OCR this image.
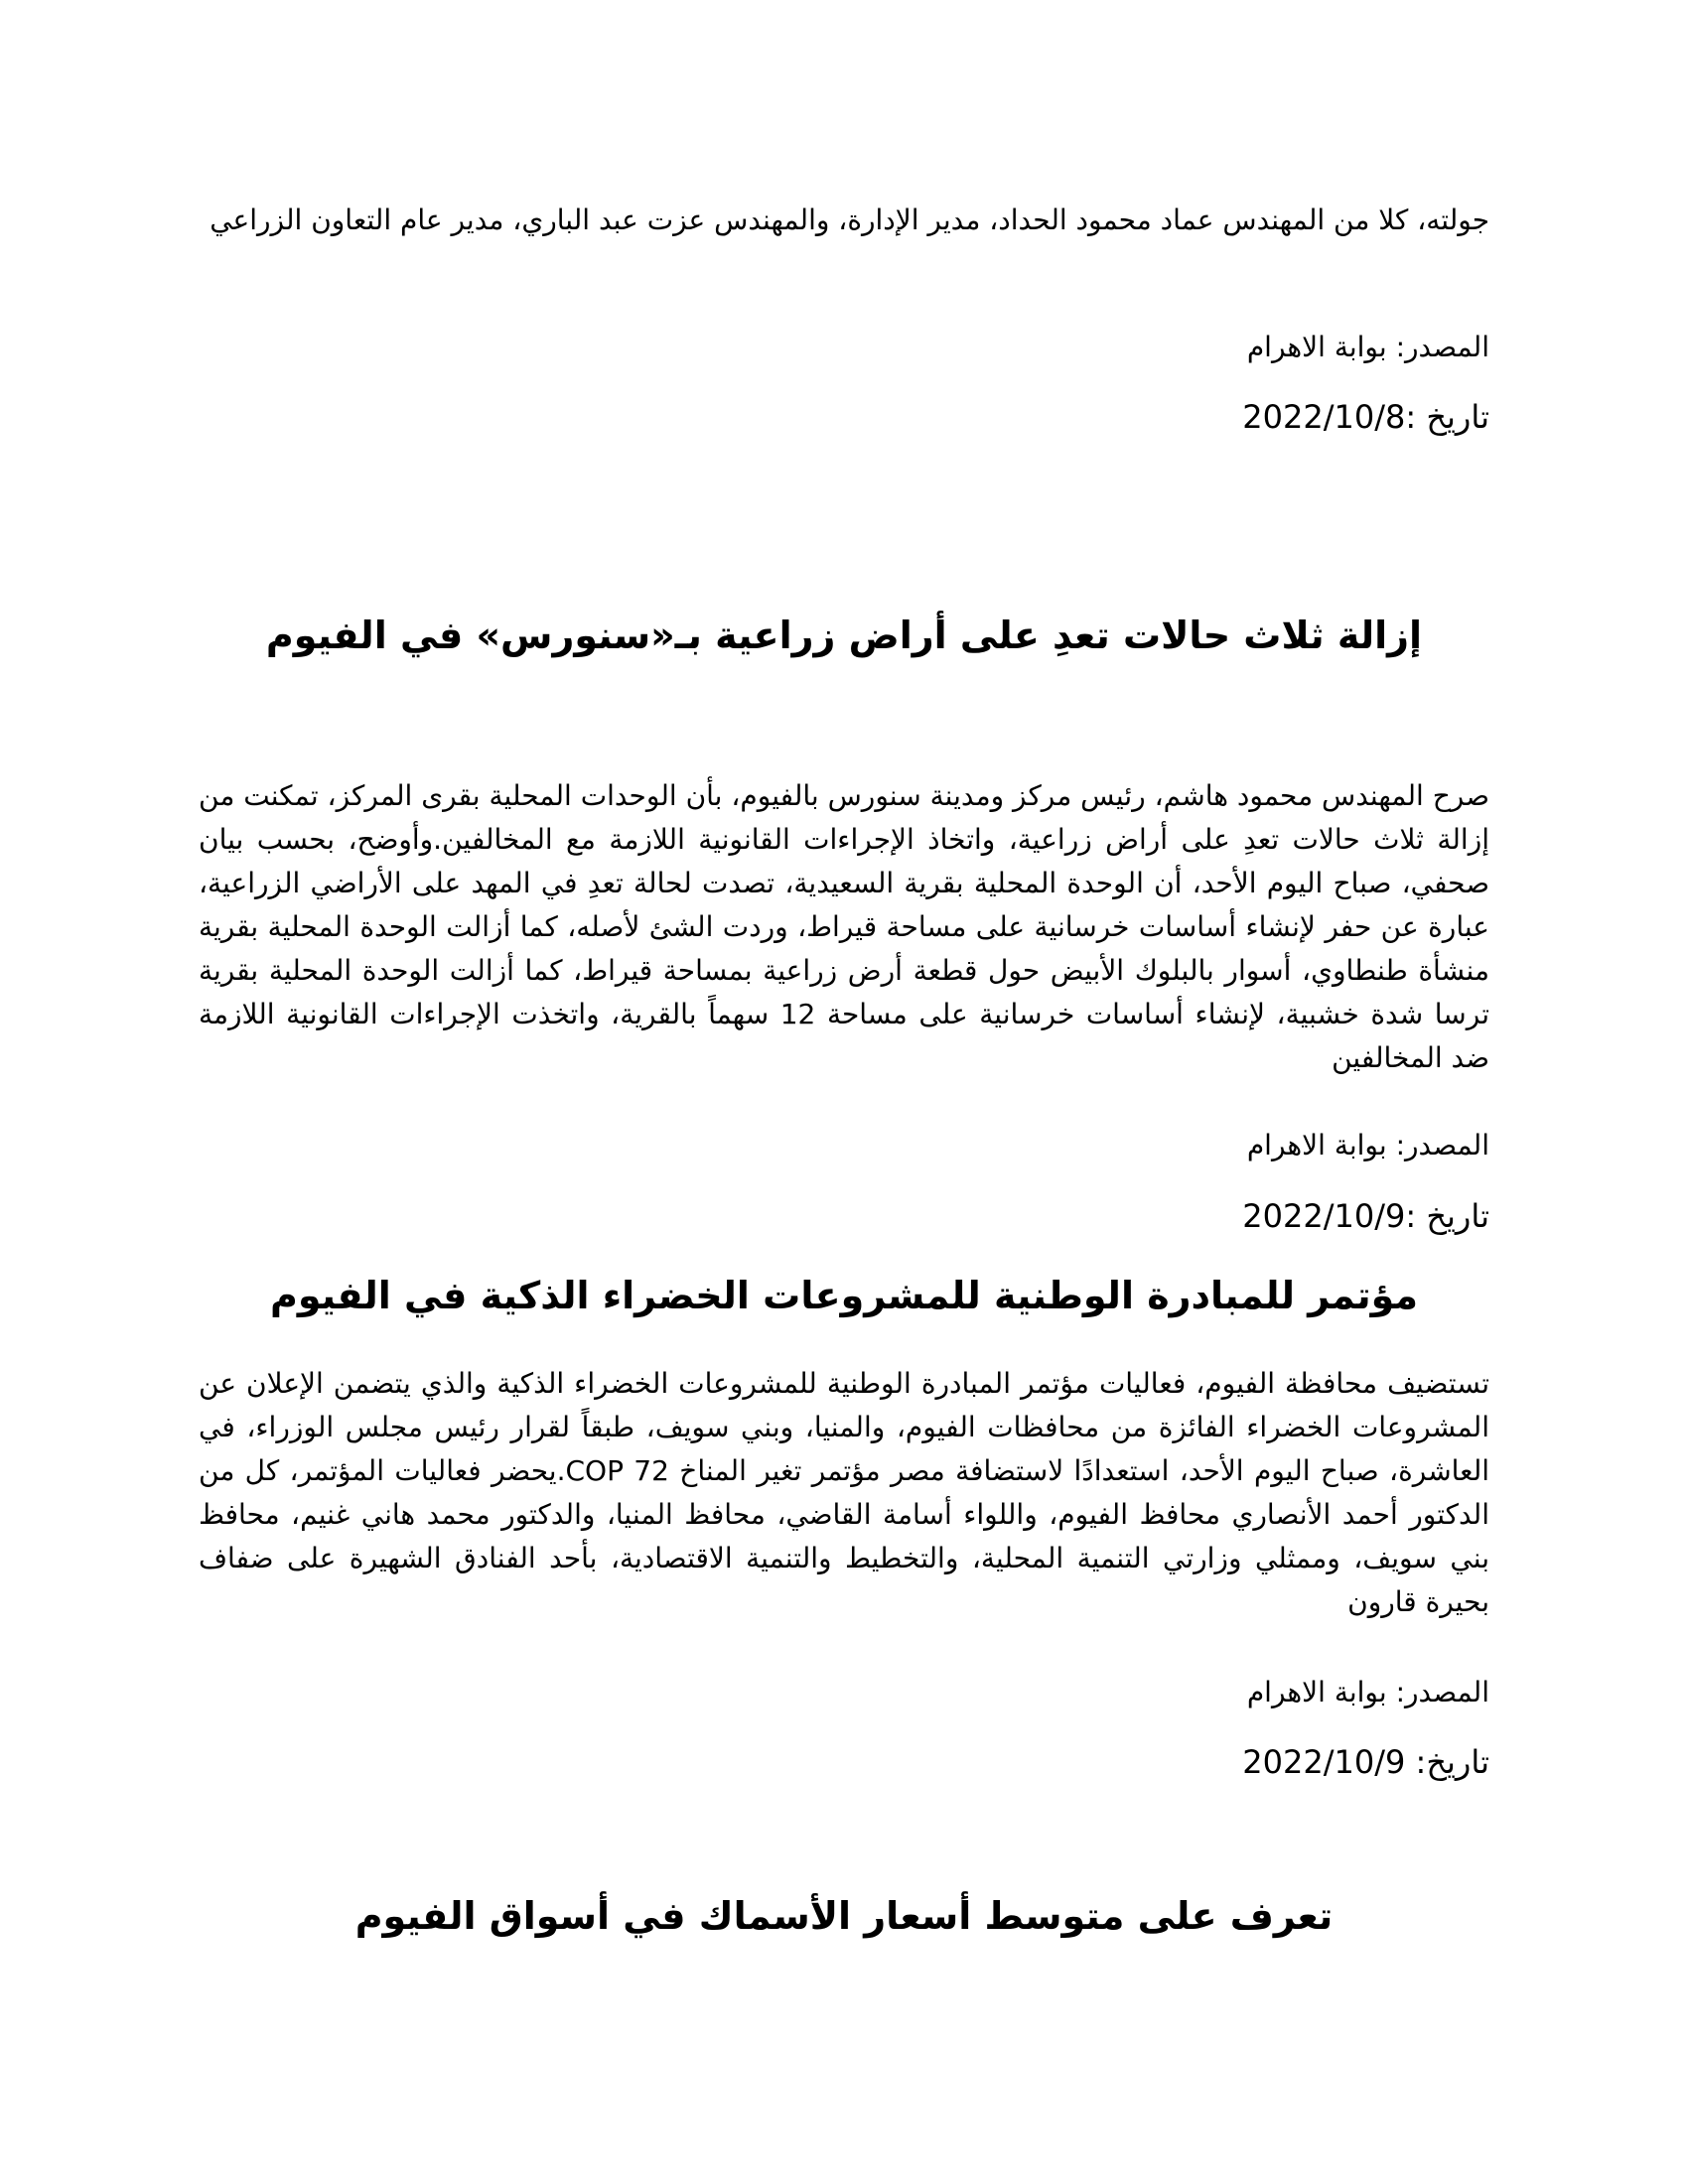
جولته، كلا من المهندس عماد محمود الحداد، مدير الإدارة، والمهندس عزت عبد الباري، مدير عام التعاون الزراعي

المصدر: بوابة الاهرام

تاريخ :2022/10/8

إزالة ثلاث حالات تعدِ على أراض زراعية بـ«سنورس» في الفيوم

صرح المهندس محمود هاشم، رئيس مركز ومدينة سنورس بالفيوم، بأن الوحدات المحلية بقرى المركز، تمكنت من إزالة ثلاث حالات تعدِ على أراض زراعية، واتخاذ الإجراءات القانونية اللازمة مع المخالفين.وأوضح، بحسب بيان صحفي، صباح اليوم الأحد، أن الوحدة المحلية بقرية السعيدية، تصدت لحالة تعدِ في المهد على الأراضي الزراعية، عبارة عن حفر لإنشاء أساسات خرسانية على مساحة قيراط، وردت الشئ لأصله، كما أزالت الوحدة المحلية بقرية منشأة طنطاوي، أسوار بالبلوك الأبيض حول قطعة أرض زراعية بمساحة قيراط، كما أزالت الوحدة المحلية بقرية ترسا شدة خشبية، لإنشاء أساسات خرسانية على مساحة 12 سهماً بالقرية، واتخذت الإجراءات القانونية اللازمة ضد المخالفين

المصدر: بوابة الاهرام

تاريخ :2022/10/9

مؤتمر للمبادرة الوطنية للمشروعات الخضراء الذكية في الفيوم

تستضيف محافظة الفيوم، فعاليات مؤتمر المبادرة الوطنية للمشروعات الخضراء الذكية والذي يتضمن الإعلان عن المشروعات الخضراء الفائزة من محافظات الفيوم، والمنيا، وبني سويف، طبقاً لقرار رئيس مجلس الوزراء، في العاشرة، صباح اليوم الأحد، استعدادًا لاستضافة مصر مؤتمر تغير المناخ COP 72.يحضر فعاليات المؤتمر، كل من الدكتور أحمد الأنصاري محافظ الفيوم، واللواء أسامة القاضي، محافظ المنيا، والدكتور محمد هاني غنيم، محافظ بني سويف، وممثلي وزارتي التنمية المحلية، والتخطيط والتنمية الاقتصادية، بأحد الفنادق الشهيرة على ضفاف بحيرة قارون

المصدر: بوابة الاهرام

تاريخ: 2022/10/9

تعرف على متوسط أسعار الأسماك في أسواق الفيوم
